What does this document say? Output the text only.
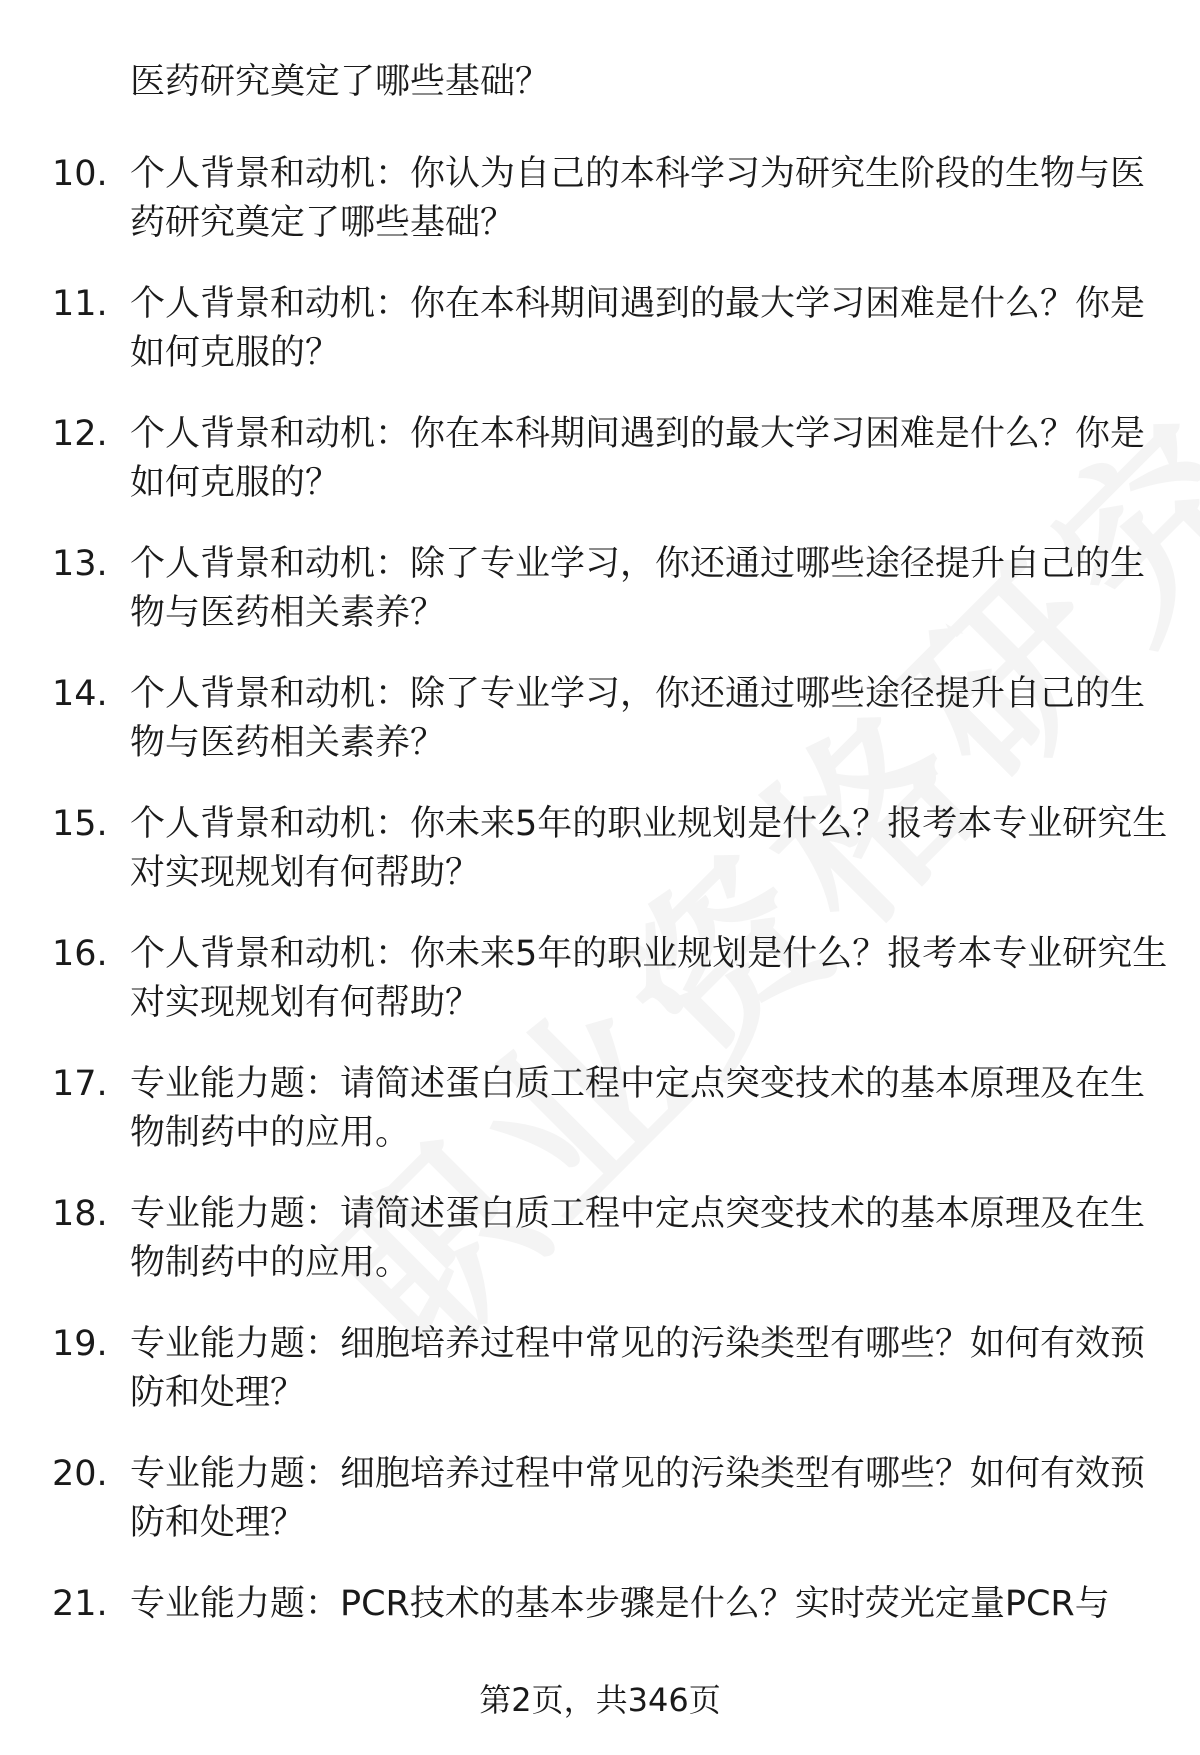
医药研究奠定了哪些基础？
10. 个人背景和动机：你认为自己的本科学习为研究生阶段的生物与医药研究奠定了哪些基础？
11. 个人背景和动机：你在本科期间遇到的最大学习困难是什么？你是如何克服的？
12. 个人背景和动机：你在本科期间遇到的最大学习困难是什么？你是如何克服的？
13. 个人背景和动机：除了专业学习，你还通过哪些途径提升自己的生物与医药相关素养？
14. 个人背景和动机：除了专业学习，你还通过哪些途径提升自己的生物与医药相关素养？
15. 个人背景和动机：你未来5年的职业规划是什么？报考本专业研究生对实现规划有何帮助？
16. 个人背景和动机：你未来5年的职业规划是什么？报考本专业研究生对实现规划有何帮助？
17. 专业能力题：请简述蛋白质工程中定点突变技术的基本原理及在生物制药中的应用。
18. 专业能力题：请简述蛋白质工程中定点突变技术的基本原理及在生物制药中的应用。
19. 专业能力题：细胞培养过程中常见的污染类型有哪些？如何有效预防和处理？
20. 专业能力题：细胞培养过程中常见的污染类型有哪些？如何有效预防和处理？
21. 专业能力题：PCR技术的基本步骤是什么？实时荧光定量PCR与
第2页，共346页
